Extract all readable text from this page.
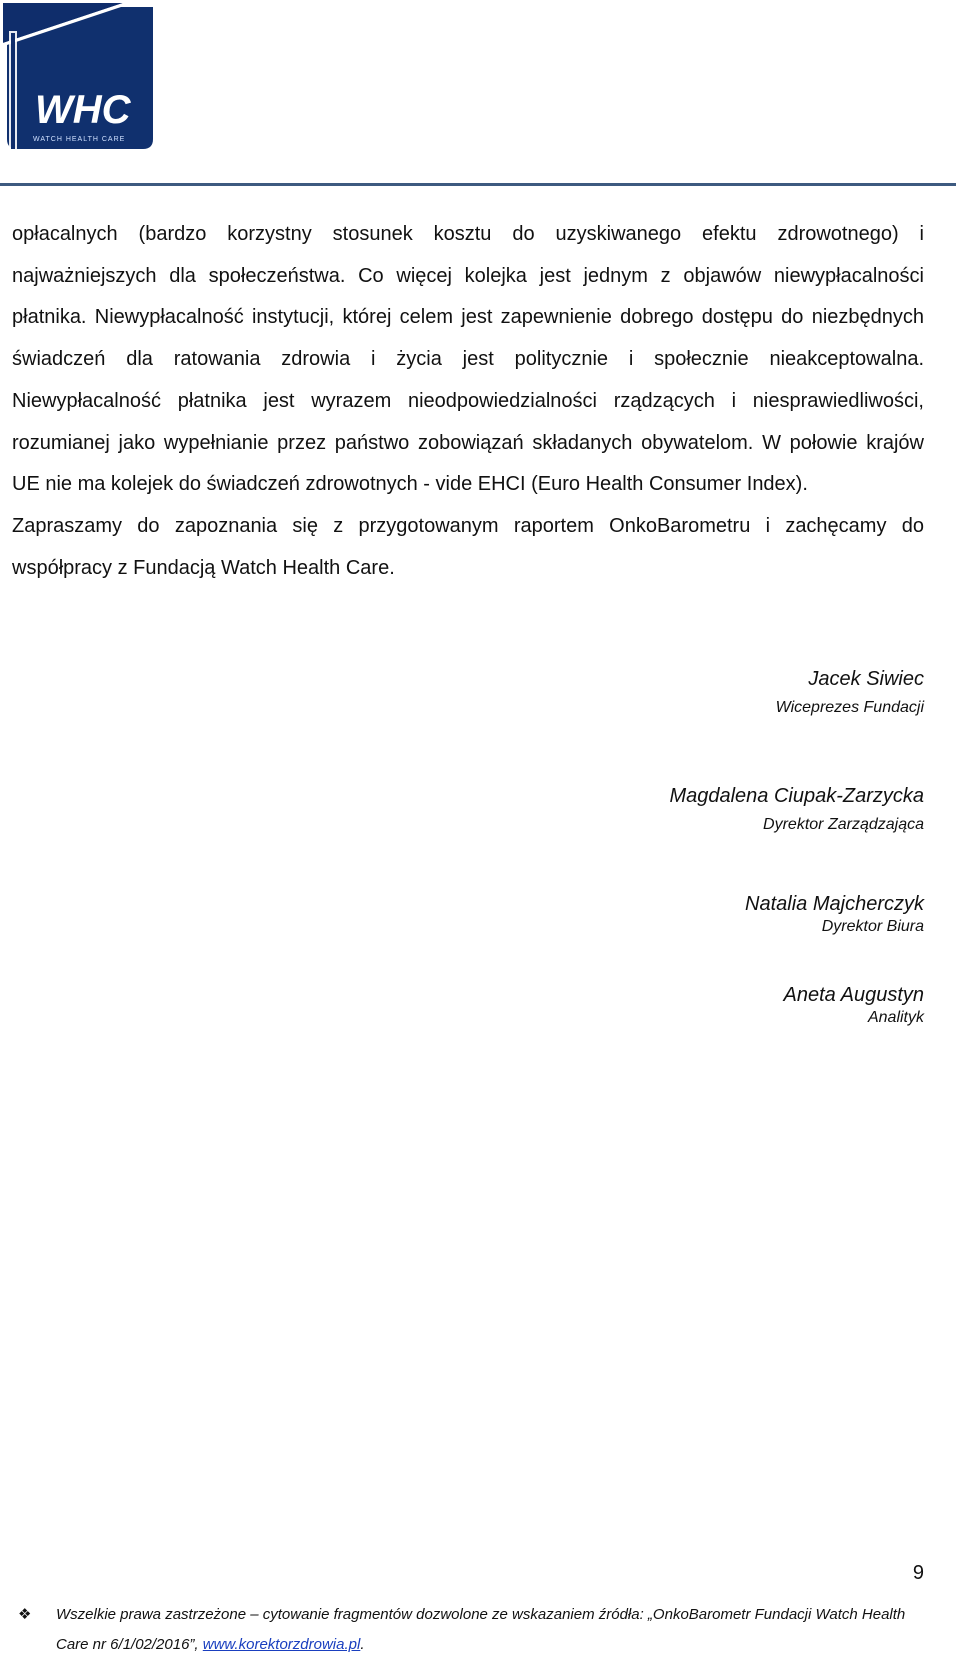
WHC
WATCH HEALTH CARE

opłacalnych (bardzo korzystny stosunek kosztu do uzyskiwanego efektu zdrowotnego) i najważniejszych dla społeczeństwa. Co więcej kolejka jest jednym z objawów niewypłacalności płatnika. Niewypłacalność instytucji, której celem jest zapewnienie dobrego dostępu do niezbędnych świadczeń dla ratowania zdrowia i życia jest politycznie i społecznie nieakceptowalna. Niewypłacalność płatnika jest wyrazem nieodpowiedzialności rządzących i niesprawiedliwości, rozumianej jako wypełnianie przez państwo zobowiązań składanych obywatelom. W połowie krajów UE nie ma kolejek do świadczeń zdrowotnych - vide EHCI (Euro Health Consumer Index).

Zapraszamy do zapoznania się z przygotowanym raportem OnkoBarometru i zachęcamy do współpracy z Fundacją Watch Health Care.

Jacek Siwiec
Wiceprezes Fundacji
Magdalena Ciupak-Zarzycka
Dyrektor Zarządzająca
Natalia Majcherczyk
Dyrektor Biura
Aneta Augustyn
Analityk
9
❖ Wszelkie prawa zastrzeżone – cytowanie fragmentów dozwolone ze wskazaniem źródła: „OnkoBarometr Fundacji Watch Health
Care nr 6/1/02/2016”, www.korektorzdrowia.pl.
